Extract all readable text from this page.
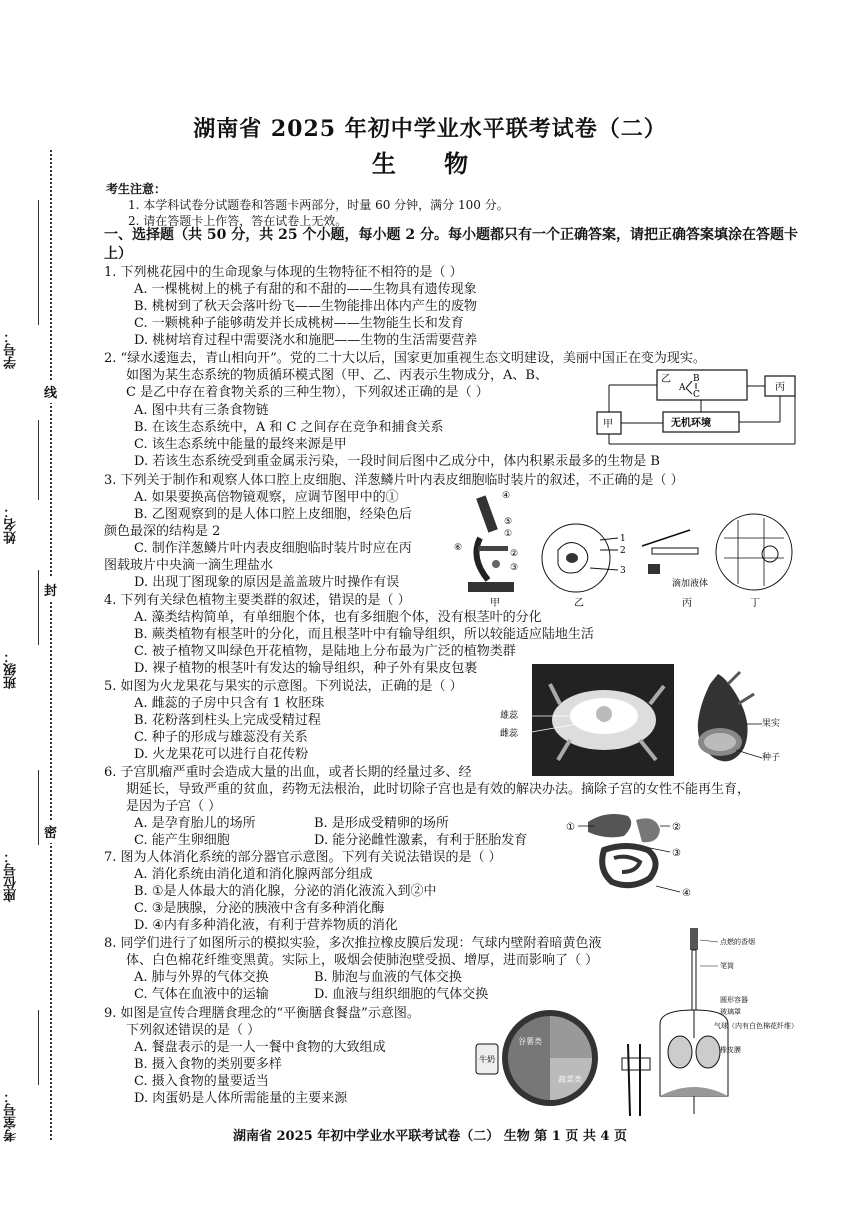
密
封
线
考室号：
座位号：
班级：
姓名：
学号：
湖南省 2025 年初中学业水平联考试卷（二）
生 物
考生注意：
1. 本学科试卷分试题卷和答题卡两部分，时量 60 分钟，满分 100 分。
2. 请在答题卡上作答，答在试卷上无效。
一、选择题（共 50 分，共 25 个小题，每小题 2 分。每小题都只有一个正确答案，请把正确答案填涂在答题卡上）
1. 下列桃花园中的生命现象与体现的生物特征不相符的是（ ）
A. 一棵桃树上的桃子有甜的和不甜的——生物具有遗传现象
B. 桃树到了秋天会落叶纷飞——生物能排出体内产生的废物
C. 一颗桃种子能够萌发并长成桃树——生物能生长和发育
D. 桃树培育过程中需要浇水和施肥——生物的生活需要营养
2. “绿水逶迤去，青山相向开”。党的二十大以后，国家更加重视生态文明建设，美丽中国正在变为现实。
如图为某生态系统的物质循环模式图（甲、乙、丙表示生物成分，A、B、
C 是乙中存在着食物关系的三种生物），下列叙述正确的是（ ）
A. 图中共有三条食物链
B. 在该生态系统中，A 和 C 之间存在竞争和捕食关系
C. 该生态系统中能量的最终来源是甲
D. 若该生态系统受到重金属汞污染，一段时间后图中乙成分中，体内积累汞最多的生物是 B
乙 B
A
C
丙
无机环境
甲
3. 下列关于制作和观察人体口腔上皮细胞、洋葱鳞片叶内表皮细胞临时装片的叙述，不正确的是（ ）
A. 如果要换高倍物镜观察，应调节图甲中的①
B. 乙图观察到的是人体口腔上皮细胞，经染色后
颜色最深的结构是 2
C. 制作洋葱鳞片叶内表皮细胞临时装片时应在丙
图载玻片中央滴一滴生理盐水
D. 出现丁图现象的原因是盖盖玻片时操作有误
④
⑤
①
⑥
②
③
甲
1
2
3
乙
滴加液体
丙	丁
4. 下列有关绿色植物主要类群的叙述，错误的是（ ）
A. 藻类结构简单，有单细胞个体，也有多细胞个体，没有根茎叶的分化
B. 蕨类植物有根茎叶的分化，而且根茎叶中有输导组织，所以较能适应陆地生活
C. 被子植物又叫绿色开花植物，是陆地上分布最为广泛的植物类群
D. 裸子植物的根茎叶有发达的输导组织，种子外有果皮包裹
5. 如图为火龙果花与果实的示意图。下列说法，正确的是（ ）
A. 雌蕊的子房中只含有 1 枚胚珠
B. 花粉落到柱头上完成受精过程
C. 种子的形成与雄蕊没有关系
D. 火龙果花可以进行自花传粉
雄蕊
雌蕊
果实
种子
6. 子宫肌瘤严重时会造成大量的出血，或者长期的经量过多、经
期延长，导致严重的贫血，药物无法根治，此时切除子宫也是有效的解决办法。摘除子宫的女性不能再生育，
是因为子宫（ ）
A. 是孕育胎儿的场所	B. 是形成受精卵的场所
C. 能产生卵细胞	D. 能分泌雌性激素，有利于胚胎发育
7. 图为人体消化系统的部分器官示意图。下列有关说法错误的是（ ）
A. 消化系统由消化道和消化腺两部分组成
B. ①是人体最大的消化腺，分泌的消化液流入到②中
C. ③是胰腺，分泌的胰液中含有多种消化酶
D. ④内有多种消化液，有利于营养物质的消化
①	②
③
④
8. 同学们进行了如图所示的模拟实验，多次推拉橡皮膜后发现：气球内壁附着暗黄色液
体、白色棉花纤维变黑黄。实际上，吸烟会使肺泡壁受损、增厚，进而影响了（ ）
A. 肺与外界的气体交换	B. 肺泡与血液的气体交换
C. 气体在血液中的运输	D. 血液与组织细胞的气体交换
点燃的香烟
笔筒
圆形容器
玻璃罩
气球（内有白色棉花纤维）
橡皮膜
9. 如图是宣传合理膳食理念的“平衡膳食餐盘”示意图。
下列叙述错误的是（ ）
A. 餐盘表示的是一人一餐中食物的大致组成
B. 摄入食物的类别要多样
C. 摄入食物的量要适当
D. 肉蛋奶是人体所需能量的主要来源
牛奶
谷薯类
蔬菜类
湖南省 2025 年初中学业水平联考试卷（二） 生物 第 1 页 共 4 页
